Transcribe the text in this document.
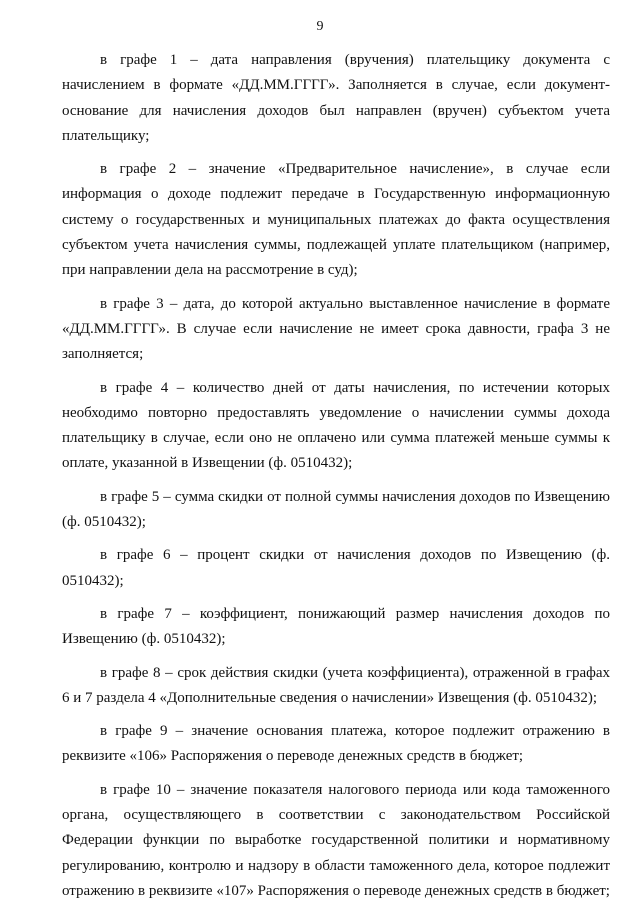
9

в графе 1 – дата направления (вручения) плательщику документа с начислением в формате «ДД.ММ.ГГГГ». Заполняется в случае, если документ-основание для начисления доходов был направлен (вручен) субъектом учета плательщику;

в графе 2 – значение «Предварительное начисление», в случае если информация о доходе подлежит передаче в Государственную информационную систему о государственных и муниципальных платежах до факта осуществления субъектом учета начисления суммы, подлежащей уплате плательщиком (например, при направлении дела на рассмотрение в суд);

в графе 3 – дата, до которой актуально выставленное начисление в формате «ДД.ММ.ГГГГ». В случае если начисление не имеет срока давности, графа 3 не заполняется;

в графе 4 – количество дней от даты начисления, по истечении которых необходимо повторно предоставлять уведомление о начислении суммы дохода плательщику в случае, если оно не оплачено или сумма платежей меньше суммы к оплате, указанной в Извещении (ф. 0510432);

в графе 5 – сумма скидки от полной суммы начисления доходов по Извещению (ф. 0510432);

в графе 6 – процент скидки от начисления доходов по Извещению (ф. 0510432);

в графе 7 – коэффициент, понижающий размер начисления доходов по Извещению (ф. 0510432);

в графе 8 – срок действия скидки (учета коэффициента), отраженной в графах 6 и 7 раздела 4 «Дополнительные сведения о начислении» Извещения (ф. 0510432);

в графе 9 – значение основания платежа, которое подлежит отражению в реквизите «106» Распоряжения о переводе денежных средств в бюджет;

в графе 10 – значение показателя налогового периода или кода таможенного органа, осуществляющего в соответствии с законодательством Российской Федерации функции по выработке государственной политики и нормативному регулированию, контролю и надзору в области таможенного дела, которое подлежит отражению в реквизите «107» Распоряжения о переводе денежных средств в бюджет;
